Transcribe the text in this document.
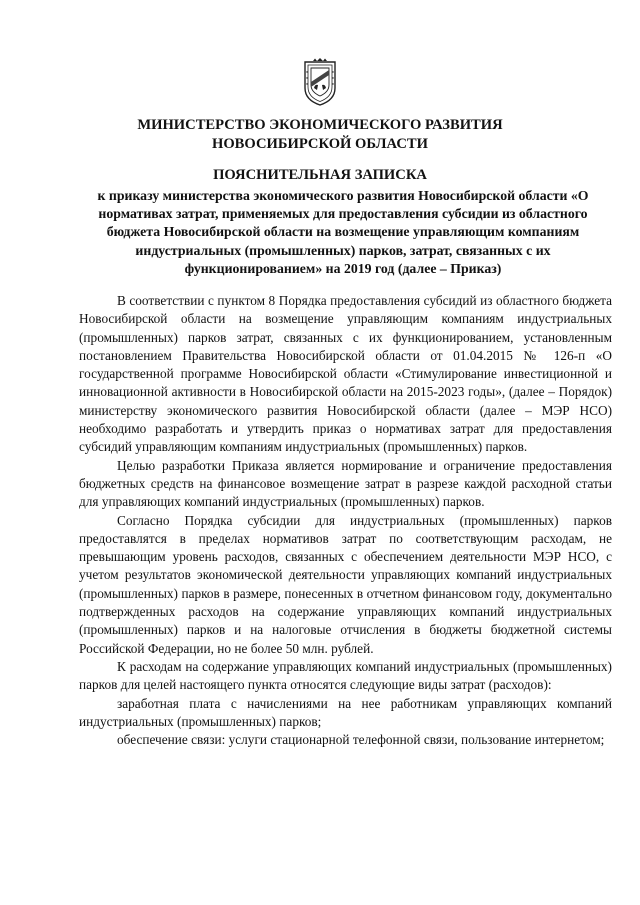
МИНИСТЕРСТВО ЭКОНОМИЧЕСКОГО РАЗВИТИЯ
НОВОСИБИРСКОЙ ОБЛАСТИ
ПОЯСНИТЕЛЬНАЯ ЗАПИСКА
к приказу министерства экономического развития Новосибирской области «О нормативах затрат, применяемых для предоставления субсидии из областного бюджета Новосибирской области на возмещение управляющим компаниям индустриальных (промышленных) парков, затрат, связанных с их функционированием» на 2019 год (далее – Приказ)

В соответствии с пунктом 8 Порядка предоставления субсидий из областного бюджета Новосибирской области на возмещение управляющим компаниям индустриальных (промышленных) парков затрат, связанных с их функционированием, установленным постановлением Правительства Новосибирской области от 01.04.2015 № 126-п «О государственной программе Новосибирской области «Стимулирование инвестиционной и инновационной активности в Новосибирской области на 2015-2023 годы», (далее – Порядок) министерству экономического развития Новосибирской области (далее – МЭР НСО) необходимо разработать и утвердить приказ о нормативах затрат для предоставления субсидий управляющим компаниям индустриальных (промышленных) парков.

Целью разработки Приказа является нормирование и ограничение предоставления бюджетных средств на финансовое возмещение затрат в разрезе каждой расходной статьи для управляющих компаний индустриальных (промышленных) парков.

Согласно Порядка субсидии для индустриальных (промышленных) парков предоставлятся в пределах нормативов затрат по соответствующим расходам, не превышающим уровень расходов, связанных с обеспечением деятельности МЭР НСО, с учетом результатов экономической деятельности управляющих компаний индустриальных (промышленных) парков в размере, понесенных в отчетном финансовом году, документально подтвержденных расходов на содержание управляющих компаний индустриальных (промышленных) парков и на налоговые отчисления в бюджеты бюджетной системы Российской Федерации, но не более 50 млн. рублей.

К расходам на содержание управляющих компаний индустриальных (промышленных) парков для целей настоящего пункта относятся следующие виды затрат (расходов):

заработная плата с начислениями на нее работникам управляющих компаний индустриальных (промышленных) парков;

обеспечение связи: услуги стационарной телефонной связи, пользование интернетом;
